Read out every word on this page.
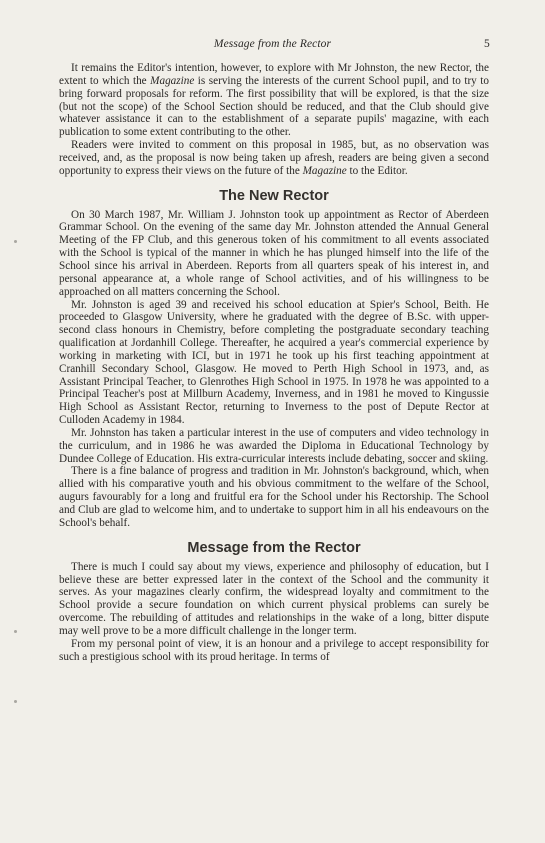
Message from the Rector	5

It remains the Editor's intention, however, to explore with Mr Johnston, the new Rector, the extent to which the Magazine is serving the interests of the current School pupil, and to try to bring forward proposals for reform. The first possibility that will be explored, is that the size (but not the scope) of the School Section should be reduced, and that the Club should give whatever assistance it can to the establishment of a separate pupils' magazine, with each publication to some extent contributing to the other.

Readers were invited to comment on this proposal in 1985, but, as no observation was received, and, as the proposal is now being taken up afresh, readers are being given a second opportunity to express their views on the future of the Magazine to the Editor.

The New Rector

On 30 March 1987, Mr. William J. Johnston took up appointment as Rector of Aberdeen Grammar School. On the evening of the same day Mr. Johnston attended the Annual General Meeting of the FP Club, and this generous token of his commitment to all events associated with the School is typical of the manner in which he has plunged himself into the life of the School since his arrival in Aberdeen. Reports from all quarters speak of his interest in, and personal appearance at, a whole range of School activities, and of his willingness to be approached on all matters concerning the School.

Mr. Johnston is aged 39 and received his school education at Spier's School, Beith. He proceeded to Glasgow University, where he graduated with the degree of B.Sc. with upper-second class honours in Chemistry, before completing the postgraduate secondary teaching qualification at Jordanhill College. Thereafter, he acquired a year's commercial experience by working in marketing with ICI, but in 1971 he took up his first teaching appointment at Cranhill Secondary School, Glasgow. He moved to Perth High School in 1973, and, as Assistant Principal Teacher, to Glenrothes High School in 1975. In 1978 he was appointed to a Principal Teacher's post at Millburn Academy, Inverness, and in 1981 he moved to Kingussie High School as Assistant Rector, returning to Inverness to the post of Depute Rector at Culloden Academy in 1984.

Mr. Johnston has taken a particular interest in the use of computers and video technology in the curriculum, and in 1986 he was awarded the Diploma in Educational Technology by Dundee College of Education. His extra-curricular interests include debating, soccer and skiing.

There is a fine balance of progress and tradition in Mr. Johnston's background, which, when allied with his comparative youth and his obvious commitment to the welfare of the School, augurs favourably for a long and fruitful era for the School under his Rectorship. The School and Club are glad to welcome him, and to undertake to support him in all his endeavours on the School's behalf.

Message from the Rector

There is much I could say about my views, experience and philosophy of education, but I believe these are better expressed later in the context of the School and the community it serves. As your magazines clearly confirm, the widespread loyalty and commitment to the School provide a secure foundation on which current physical problems can surely be overcome. The rebuilding of attitudes and relationships in the wake of a long, bitter dispute may well prove to be a more difficult challenge in the longer term.

From my personal point of view, it is an honour and a privilege to accept responsibility for such a prestigious school with its proud heritage. In terms of
